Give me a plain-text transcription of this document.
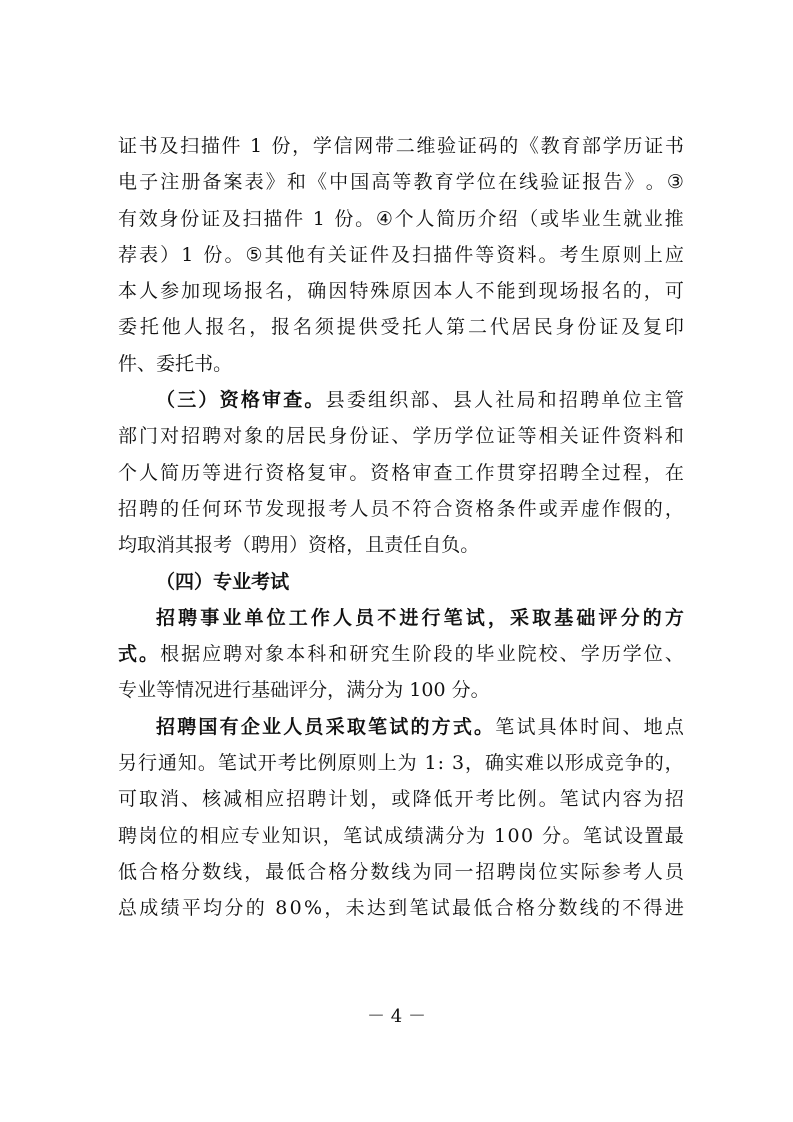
证 书 及 扫 描 件
1
份 ， 学 信 网 带 二 维 验 证 码 的 《 教 育 部 学 历 证 书
电 子 注 册 备 案 表 》 和 《 中 国 高 等 教 育 学 位 在 线 验 证 报 告 》 。 ③
有 效 身 份 证 及 扫 描 件
1
份 。 ④ 个 人 简 历 介 绍 （ 或 毕 业 生 就 业 推
荐 表 ） 1
份 。 ⑤ 其 他 有 关 证 件 及 扫 描 件 等 资 料 。 考 生 原 则 上 应
本 人 参 加 现 场 报 名 ， 确 因 特 殊 原 因 本 人 不 能 到 现 场 报 名 的 ， 可
委 托 他 人 报 名 ， 报 名 须 提 供 受 托 人 第 二 代 居 民 身 份 证 及 复 印
件 、 委 托 书 。
（ 三 ） 资 格 审 查 。 县 委 组 织 部 、 县 人 社 局 和 招 聘 单 位 主 管
部 门 对 招 聘 对 象 的 居 民 身 份 证 、 学 历 学 位 证 等 相 关 证 件 资 料 和
个 人 简 历 等 进 行 资 格 复 审 。 资 格 审 查 工 作 贯 穿 招 聘 全 过 程 ， 在
招 聘 的 任 何 环 节 发 现 报 考 人 员 不 符 合 资 格 条 件 或 弄 虚 作 假 的 ，
均 取 消 其 报 考 （ 聘 用 ） 资 格 ， 且 责 任 自 负 。
（ 四 ） 专 业 考 试
招 聘 事 业 单 位 工 作 人 员 不 进 行 笔 试 ， 采 取 基 础 评 分 的 方
式 。 根 据 应 聘 对 象 本 科 和 研 究 生 阶 段 的 毕 业 院 校 、 学 历 学 位 、
专 业 等 情 况 进 行 基 础 评 分 ， 满 分 为
1 0 0
分 。
招 聘 国 有 企 业 人 员 采 取 笔 试 的 方 式 。 笔 试 具 体 时 间 、 地 点
另 行 通 知 。 笔 试 开 考 比 例 原 则 上 为
1 :
3 ， 确 实 难 以 形 成 竞 争 的 ，
可 取 消 、 核 减 相 应 招 聘 计 划 ， 或 降 低 开 考 比 例 。 笔 试 内 容 为 招
聘 岗 位 的 相 应 专 业 知 识 ， 笔 试 成 绩 满 分 为
1 0 0
分 。 笔 试 设 置 最
低 合 格 分 数 线 ， 最 低 合 格 分 数 线 为 同 一 招 聘 岗 位 实 际 参 考 人 员
总 成 绩 平 均 分 的
8 0 % ， 未 达 到 笔 试 最 低 合 格 分 数 线 的 不 得 进
－ 4 －
